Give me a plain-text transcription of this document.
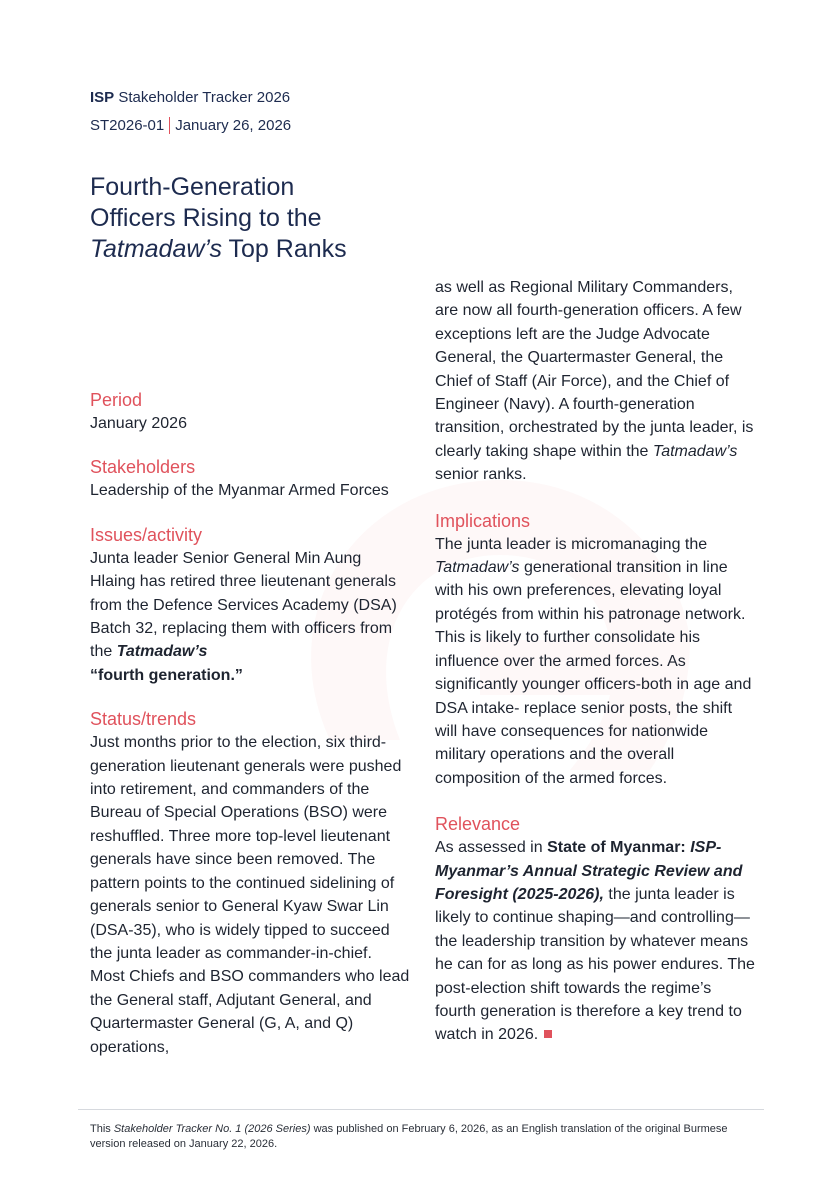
ISP Stakeholder Tracker 2026
ST2026-01 January 26, 2026
Fourth-Generation
Officers Rising to the
Tatmadaw’s Top Ranks

Period

January 2026

Stakeholders

Leadership of the Myanmar Armed Forces

Issues/activity

Junta leader Senior General Min Aung Hlaing has retired three lieutenant generals from the Defence Services Academy (DSA) Batch 32, replacing them with officers from the Tatmadaw’s
“fourth generation.”

Status/trends

Just months prior to the election, six third-generation lieutenant generals were pushed into retirement, and commanders of the Bureau of Special Operations (BSO) were reshuffled. Three more top-level lieutenant generals have since been removed. The pattern points to the continued sidelining of generals senior to General Kyaw Swar Lin (DSA-35), who is widely tipped to succeed the junta leader as commander-in-chief. Most Chiefs and BSO commanders who lead the General staff, Adjutant General, and Quartermaster General (G, A, and Q) operations,

as well as Regional Military Commanders, are now all fourth-generation officers. A few exceptions left are the Judge Advocate General, the Quartermaster General, the Chief of Staff (Air Force), and the Chief of Engineer (Navy). A fourth-generation transition, orchestrated by the junta leader, is clearly taking shape within the Tatmadaw’s senior ranks.

Implications

The junta leader is micromanaging the Tatmadaw’s generational transition in line with his own preferences, elevating loyal protégés from within his patronage network. This is likely to further consolidate his influence over the armed forces. As significantly younger officers-both in age and DSA intake- replace senior posts, the shift will have consequences for nationwide military operations and the overall composition of the armed forces.

Relevance

As assessed in State of Myanmar: ISP-Myanmar’s Annual Strategic Review and Foresight (2025-2026), the junta leader is likely to continue shaping—and controlling—the leadership transition by whatever means he can for as long as his power endures. The post-election shift towards the regime’s fourth generation is therefore a key trend to watch in 2026.

This Stakeholder Tracker No. 1 (2026 Series) was published on February 6, 2026, as an English translation of the original Burmese version released on January 22, 2026.
